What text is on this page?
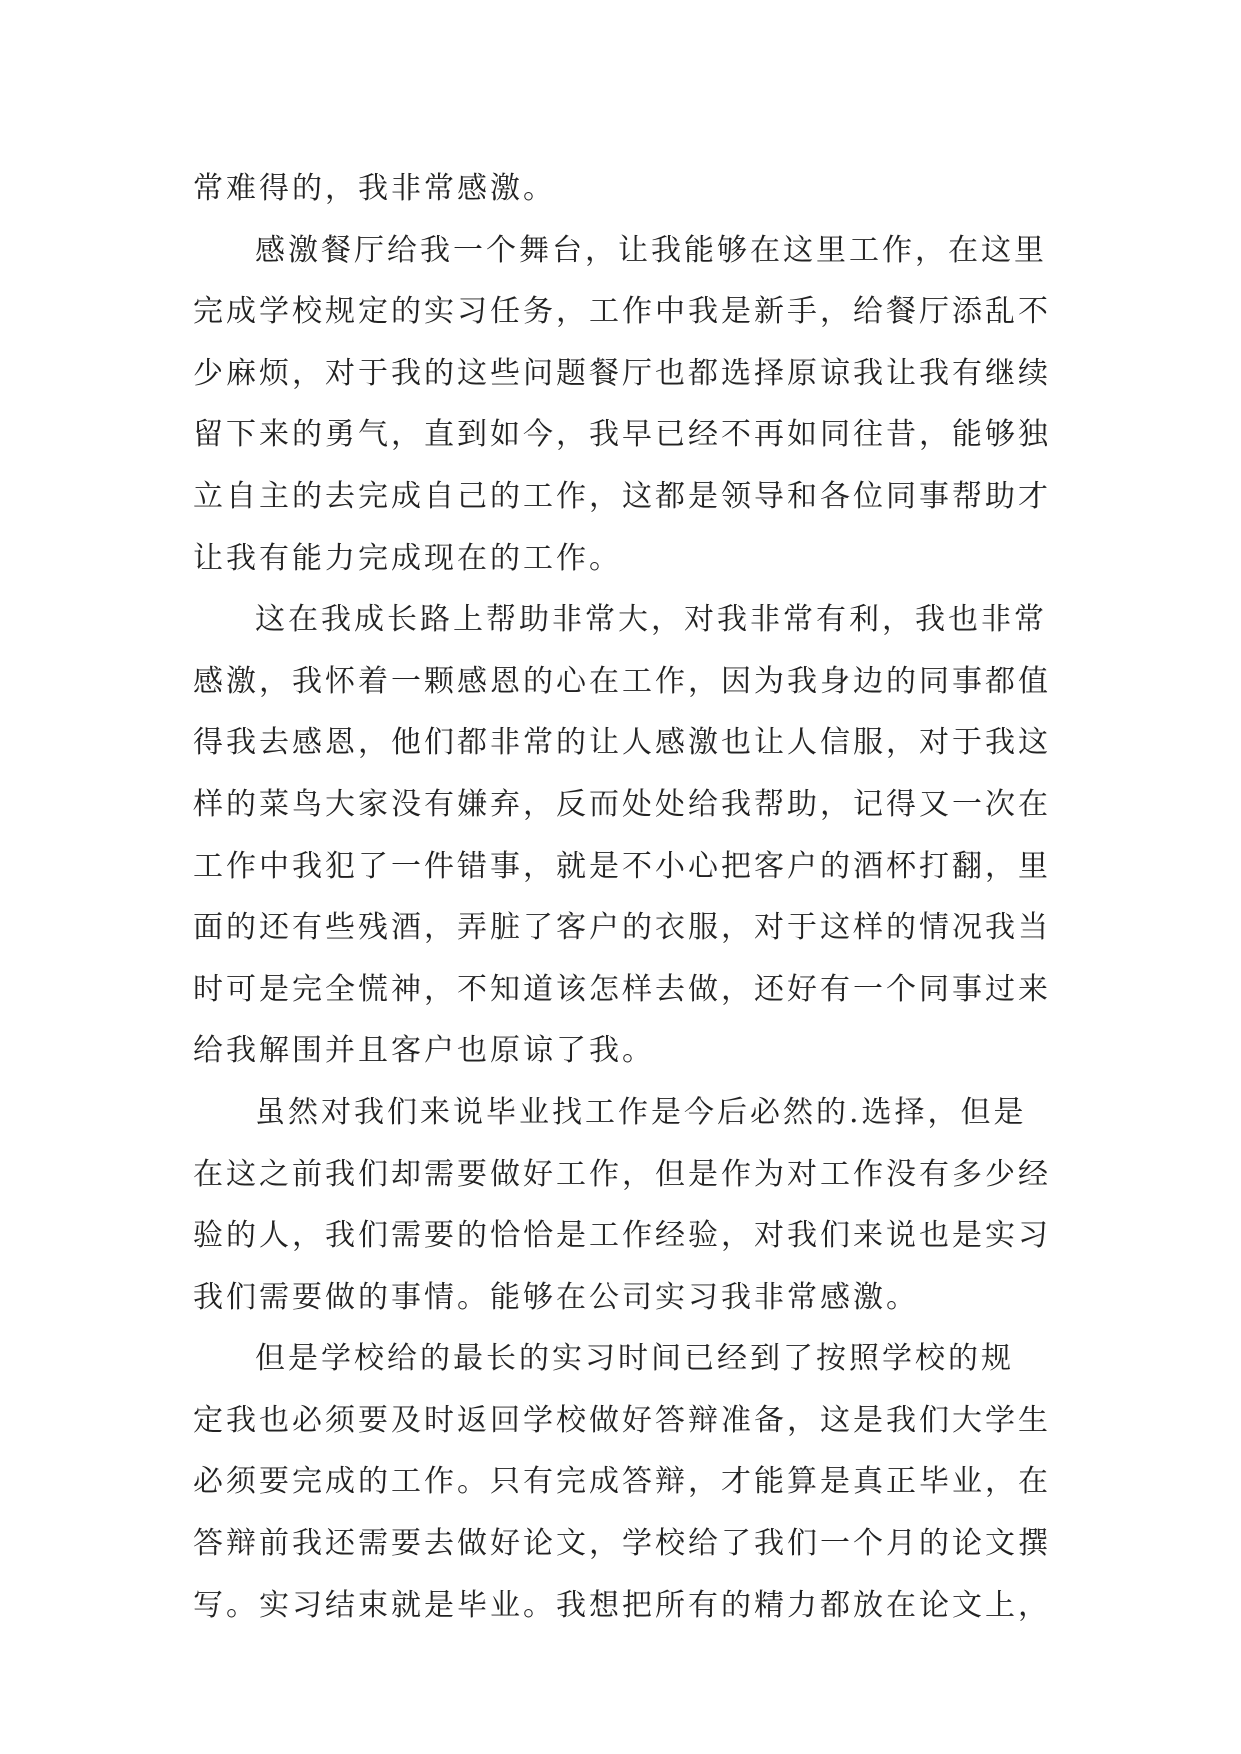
常难得的，我非常感激。
感激餐厅给我一个舞台，让我能够在这里工作，在这里
完成学校规定的实习任务，工作中我是新手，给餐厅添乱不
少麻烦，对于我的这些问题餐厅也都选择原谅我让我有继续
留下来的勇气，直到如今，我早已经不再如同往昔，能够独
立自主的去完成自己的工作，这都是领导和各位同事帮助才
让我有能力完成现在的工作。
这在我成长路上帮助非常大，对我非常有利，我也非常
感激，我怀着一颗感恩的心在工作，因为我身边的同事都值
得我去感恩，他们都非常的让人感激也让人信服，对于我这
样的菜鸟大家没有嫌弃，反而处处给我帮助，记得又一次在
工作中我犯了一件错事，就是不小心把客户的酒杯打翻，里
面的还有些残酒，弄脏了客户的衣服，对于这样的情况我当
时可是完全慌神，不知道该怎样去做，还好有一个同事过来
给我解围并且客户也原谅了我。
虽然对我们来说毕业找工作是今后必然的.选择，但是
在这之前我们却需要做好工作，但是作为对工作没有多少经
验的人，我们需要的恰恰是工作经验，对我们来说也是实习
我们需要做的事情。能够在公司实习我非常感激。
但是学校给的最长的实习时间已经到了按照学校的规
定我也必须要及时返回学校做好答辩准备，这是我们大学生
必须要完成的工作。只有完成答辩，才能算是真正毕业，在
答辩前我还需要去做好论文，学校给了我们一个月的论文撰
写。实习结束就是毕业。我想把所有的精力都放在论文上，
